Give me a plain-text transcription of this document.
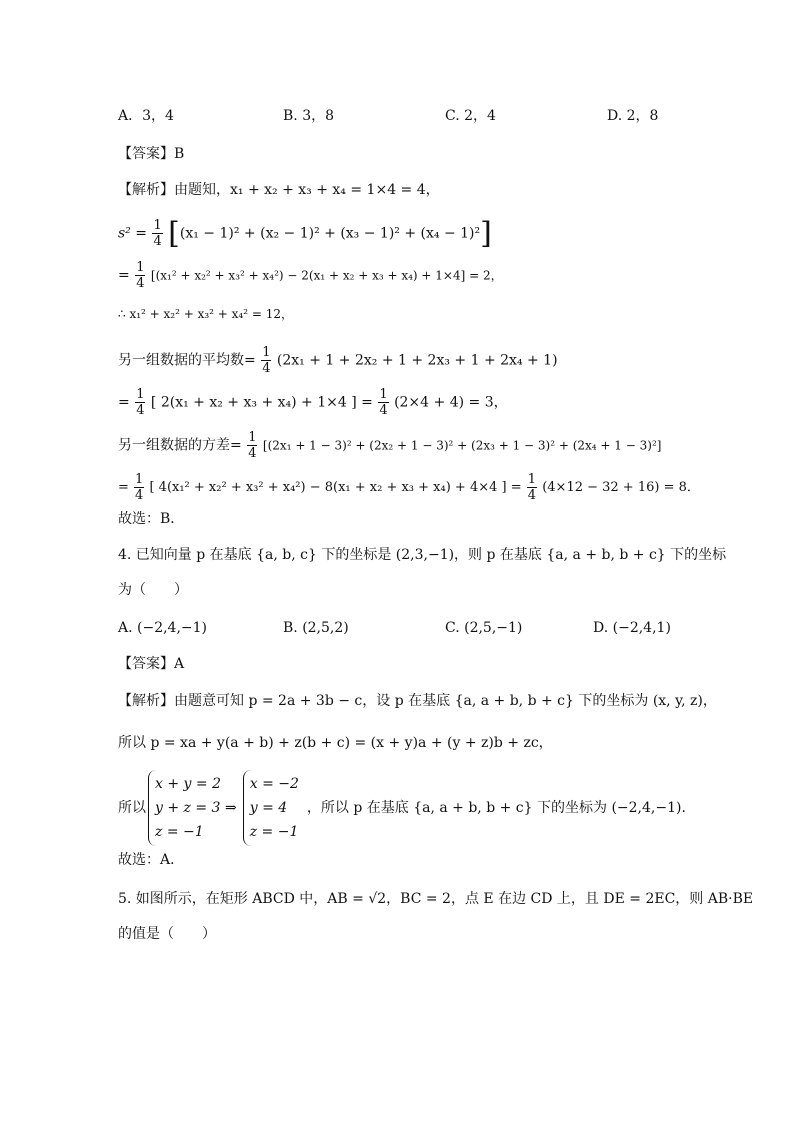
A．3，4	B. 3，8	C. 2，4	D. 2，8
【答案】B
【解析】由题知，x₁ + x₂ + x₃ + x₄ = 1×4 = 4，
$s^2 = \frac{1}{4} [(x_1 - 1)^2 + (x_2 - 1)^2 + (x_3 - 1)^2 + (x_4 - 1)^2]$
= $\frac{1}{4} [(x_1^2 + x_2^2 + x_3^2 + x_4^2) - 2(x_1 + x_2 + x_3 + x_4) + 1\times 4] = 2$，
∴ x₁² + x₂² + x₃² + x₄² = 12，
另一组数据的平均数= $\frac{1}{4} (2x_1 + 1 + 2x_2 + 1 + 2x_3 + 1 + 2x_4 + 1)$
= $\frac{1}{4}$ [ 2(x₁ + x₂ + x₃ + x₄) + 1×4 ] = $\frac{1}{4} (2\times 4 + 4) = 3$，
另一组数据的方差= $\frac{1}{4} [(2x_1 + 1 - 3)^2 + (2x_2 + 1 - 3)^2 + (2x_3 + 1 - 3)^2 + (2x_4 + 1 - 3)^2]$
= $\frac{1}{4}$ [ 4(x₁² + x₂² + x₃² + x₄²) − 8(x₁ + x₂ + x₃ + x₄) + 4×4 ] = $\frac{1}{4} (4\times 12 - 32 + 16) = 8$．
故选：B．
4. 已知向量 p 在基底 {a, b, c} 下的坐标是 (2,3,−1)，则 p 在基底 {a, a + b, b + c} 下的坐标
为（　　）
A. (−2,4,−1)	B. (2,5,2)	C. (2,5,−1)	D. (−2,4,1)
【答案】A
【解析】由题意可知 p = 2a + 3b − c，设 p 在基底 {a, a + b, b + c} 下的坐标为 (x, y, z)，
所以 p = xa + y(a + b) + z(b + c) = (x + y)a + (y + z)b + zc，
所以
x + y = 2
y + z = 3
z = −1
⇒
x = −2
y = 4
z = −1
，所以 p 在基底 {a, a + b, b + c} 下的坐标为 (−2,4,−1)．
故选：A．
5. 如图所示，在矩形 ABCD 中，AB = √2，BC = 2，点 E 在边 CD 上，且 DE = 2EC，则 AB·BE
的值是（　　）
